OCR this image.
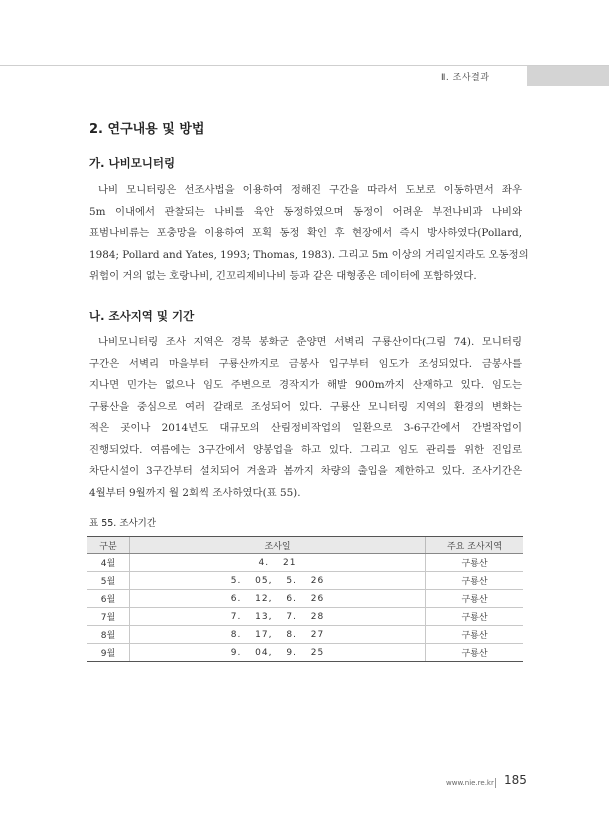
Ⅱ. 조사결과
2. 연구내용 및 방법
가. 나비모니터링
나비 모니터링은 선조사법을 이용하여 정해진 구간을 따라서 도보로 이동하면서 좌우
5m 이내에서 관찰되는 나비를 육안 동정하였으며 동정이 어려운 부전나비과 나비와
표범나비류는 포충망을 이용하여 포획 동정 확인 후 현장에서 즉시 방사하였다(Pollard,
1984; Pollard and Yates, 1993; Thomas, 1983). 그리고 5m 이상의 거리일지라도 오동정의
위험이 거의 없는 호랑나비, 긴꼬리제비나비 등과 같은 대형종은 데이터에 포함하였다.
나. 조사지역 및 기간
나비모니터링 조사 지역은 경북 봉화군 춘양면 서벽리 구룡산이다(그림 74). 모니터링
구간은 서벽리 마을부터 구룡산까지로 금봉사 입구부터 임도가 조성되었다. 금봉사를
지나면 민가는 없으나 임도 주변으로 경작지가 해발 900m까지 산재하고 있다. 임도는
구룡산을 중심으로 여러 갈래로 조성되어 있다. 구룡산 모니터링 지역의 환경의 변화는
적은 곳이나 2014년도 대규모의 산림정비작업의 일환으로 3-6구간에서 간벌작업이
진행되었다. 여름에는 3구간에서 양봉업을 하고 있다. 그리고 임도 관리를 위한 진입로
차단시설이 3구간부터 설치되어 겨울과 봄까지 차량의 출입을 제한하고 있다. 조사기간은
4월부터 9월까지 월 2회씩 조사하였다(표 55).
표 55. 조사기간
구분	조사일	주요 조사지역
4월	4. 21	구룡산
5월	5. 05, 5. 26	구룡산
6월	6. 12, 6. 26	구룡산
7월	7. 13, 7. 28	구룡산
8월	8. 17, 8. 27	구룡산
9월	9. 04, 9. 25	구룡산
www.nie.re.kr 185
